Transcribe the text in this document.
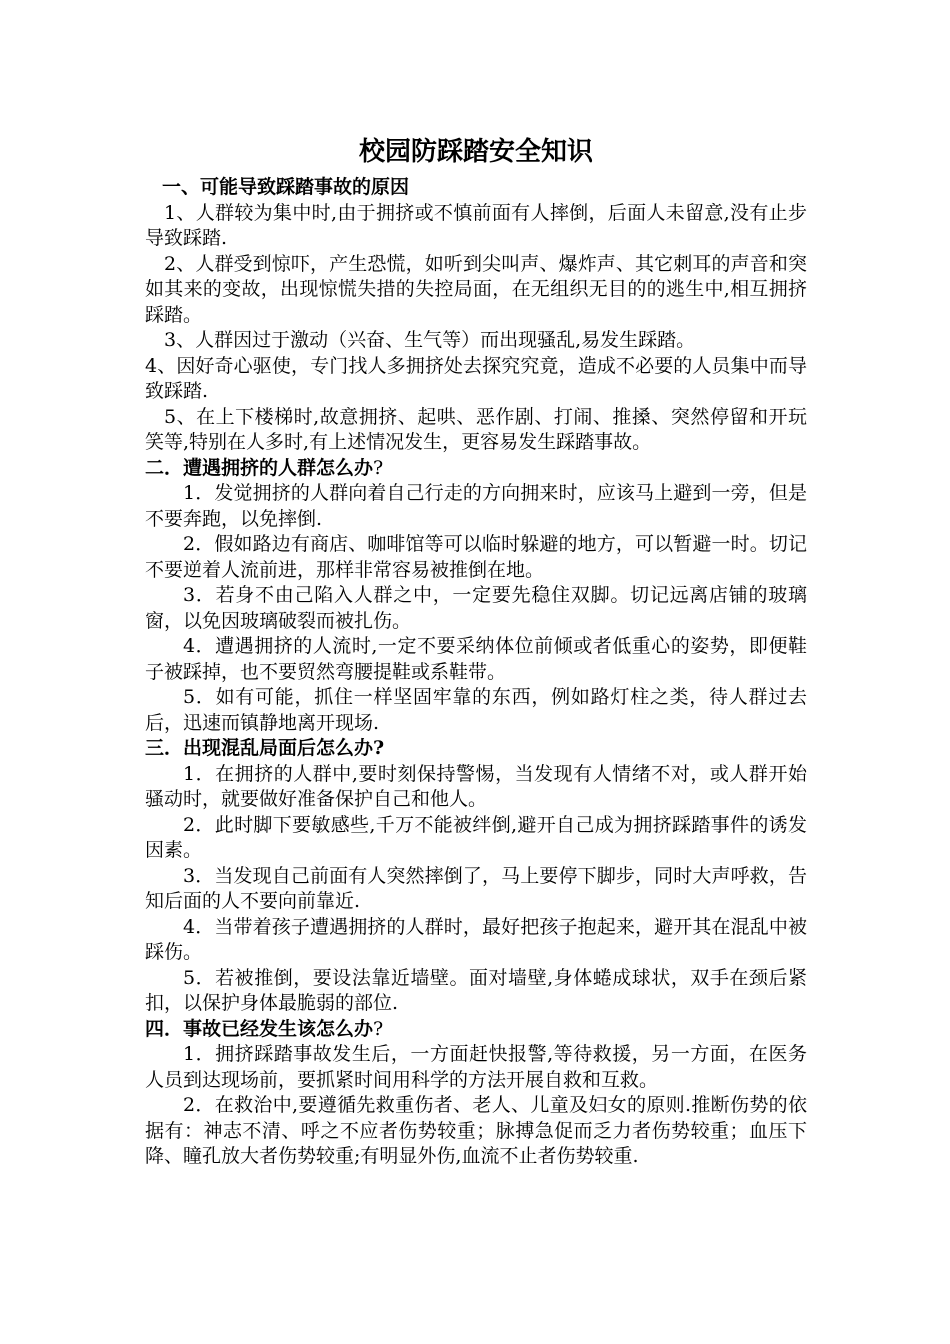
校园防踩踏安全知识

一、可能导致踩踏事故的原因

1、人群较为集中时,由于拥挤或不慎前面有人摔倒，后面人未留意,没有止步导致踩踏.

2、人群受到惊吓，产生恐慌，如听到尖叫声、爆炸声、其它刺耳的声音和突如其来的变故，出现惊慌失措的失控局面，在无组织无目的的逃生中,相互拥挤踩踏。

3、人群因过于激动（兴奋、生气等）而出现骚乱,易发生踩踏。

4、因好奇心驱使，专门找人多拥挤处去探究究竟，造成不必要的人员集中而导致踩踏.

5、在上下楼梯时,故意拥挤、起哄、恶作剧、打闹、推搡、突然停留和开玩笑等,特别在人多时,有上述情况发生，更容易发生踩踏事故。

二．遭遇拥挤的人群怎么办?

1．发觉拥挤的人群向着自己行走的方向拥来时，应该马上避到一旁，但是不要奔跑，以免摔倒.

2．假如路边有商店、咖啡馆等可以临时躲避的地方，可以暂避一时。切记不要逆着人流前进，那样非常容易被推倒在地。

3．若身不由己陷入人群之中，一定要先稳住双脚。切记远离店铺的玻璃窗，以免因玻璃破裂而被扎伤。

4．遭遇拥挤的人流时,一定不要采纳体位前倾或者低重心的姿势，即便鞋子被踩掉，也不要贸然弯腰提鞋或系鞋带。

5．如有可能，抓住一样坚固牢靠的东西，例如路灯柱之类，待人群过去后，迅速而镇静地离开现场.

三．出现混乱局面后怎么办?

1．在拥挤的人群中,要时刻保持警惕，当发现有人情绪不对，或人群开始骚动时，就要做好准备保护自己和他人。

2．此时脚下要敏感些,千万不能被绊倒,避开自己成为拥挤踩踏事件的诱发因素。

3．当发现自己前面有人突然摔倒了，马上要停下脚步，同时大声呼救，告知后面的人不要向前靠近.

4．当带着孩子遭遇拥挤的人群时，最好把孩子抱起来，避开其在混乱中被踩伤。

5．若被推倒，要设法靠近墙壁。面对墙壁,身体蜷成球状，双手在颈后紧扣，以保护身体最脆弱的部位.

四．事故已经发生该怎么办?

1．拥挤踩踏事故发生后，一方面赶快报警,等待救援，另一方面，在医务人员到达现场前，要抓紧时间用科学的方法开展自救和互救。

2．在救治中,要遵循先救重伤者、老人、儿童及妇女的原则.推断伤势的依据有：神志不清、呼之不应者伤势较重；脉搏急促而乏力者伤势较重；血压下降、瞳孔放大者伤势较重;有明显外伤,血流不止者伤势较重.
